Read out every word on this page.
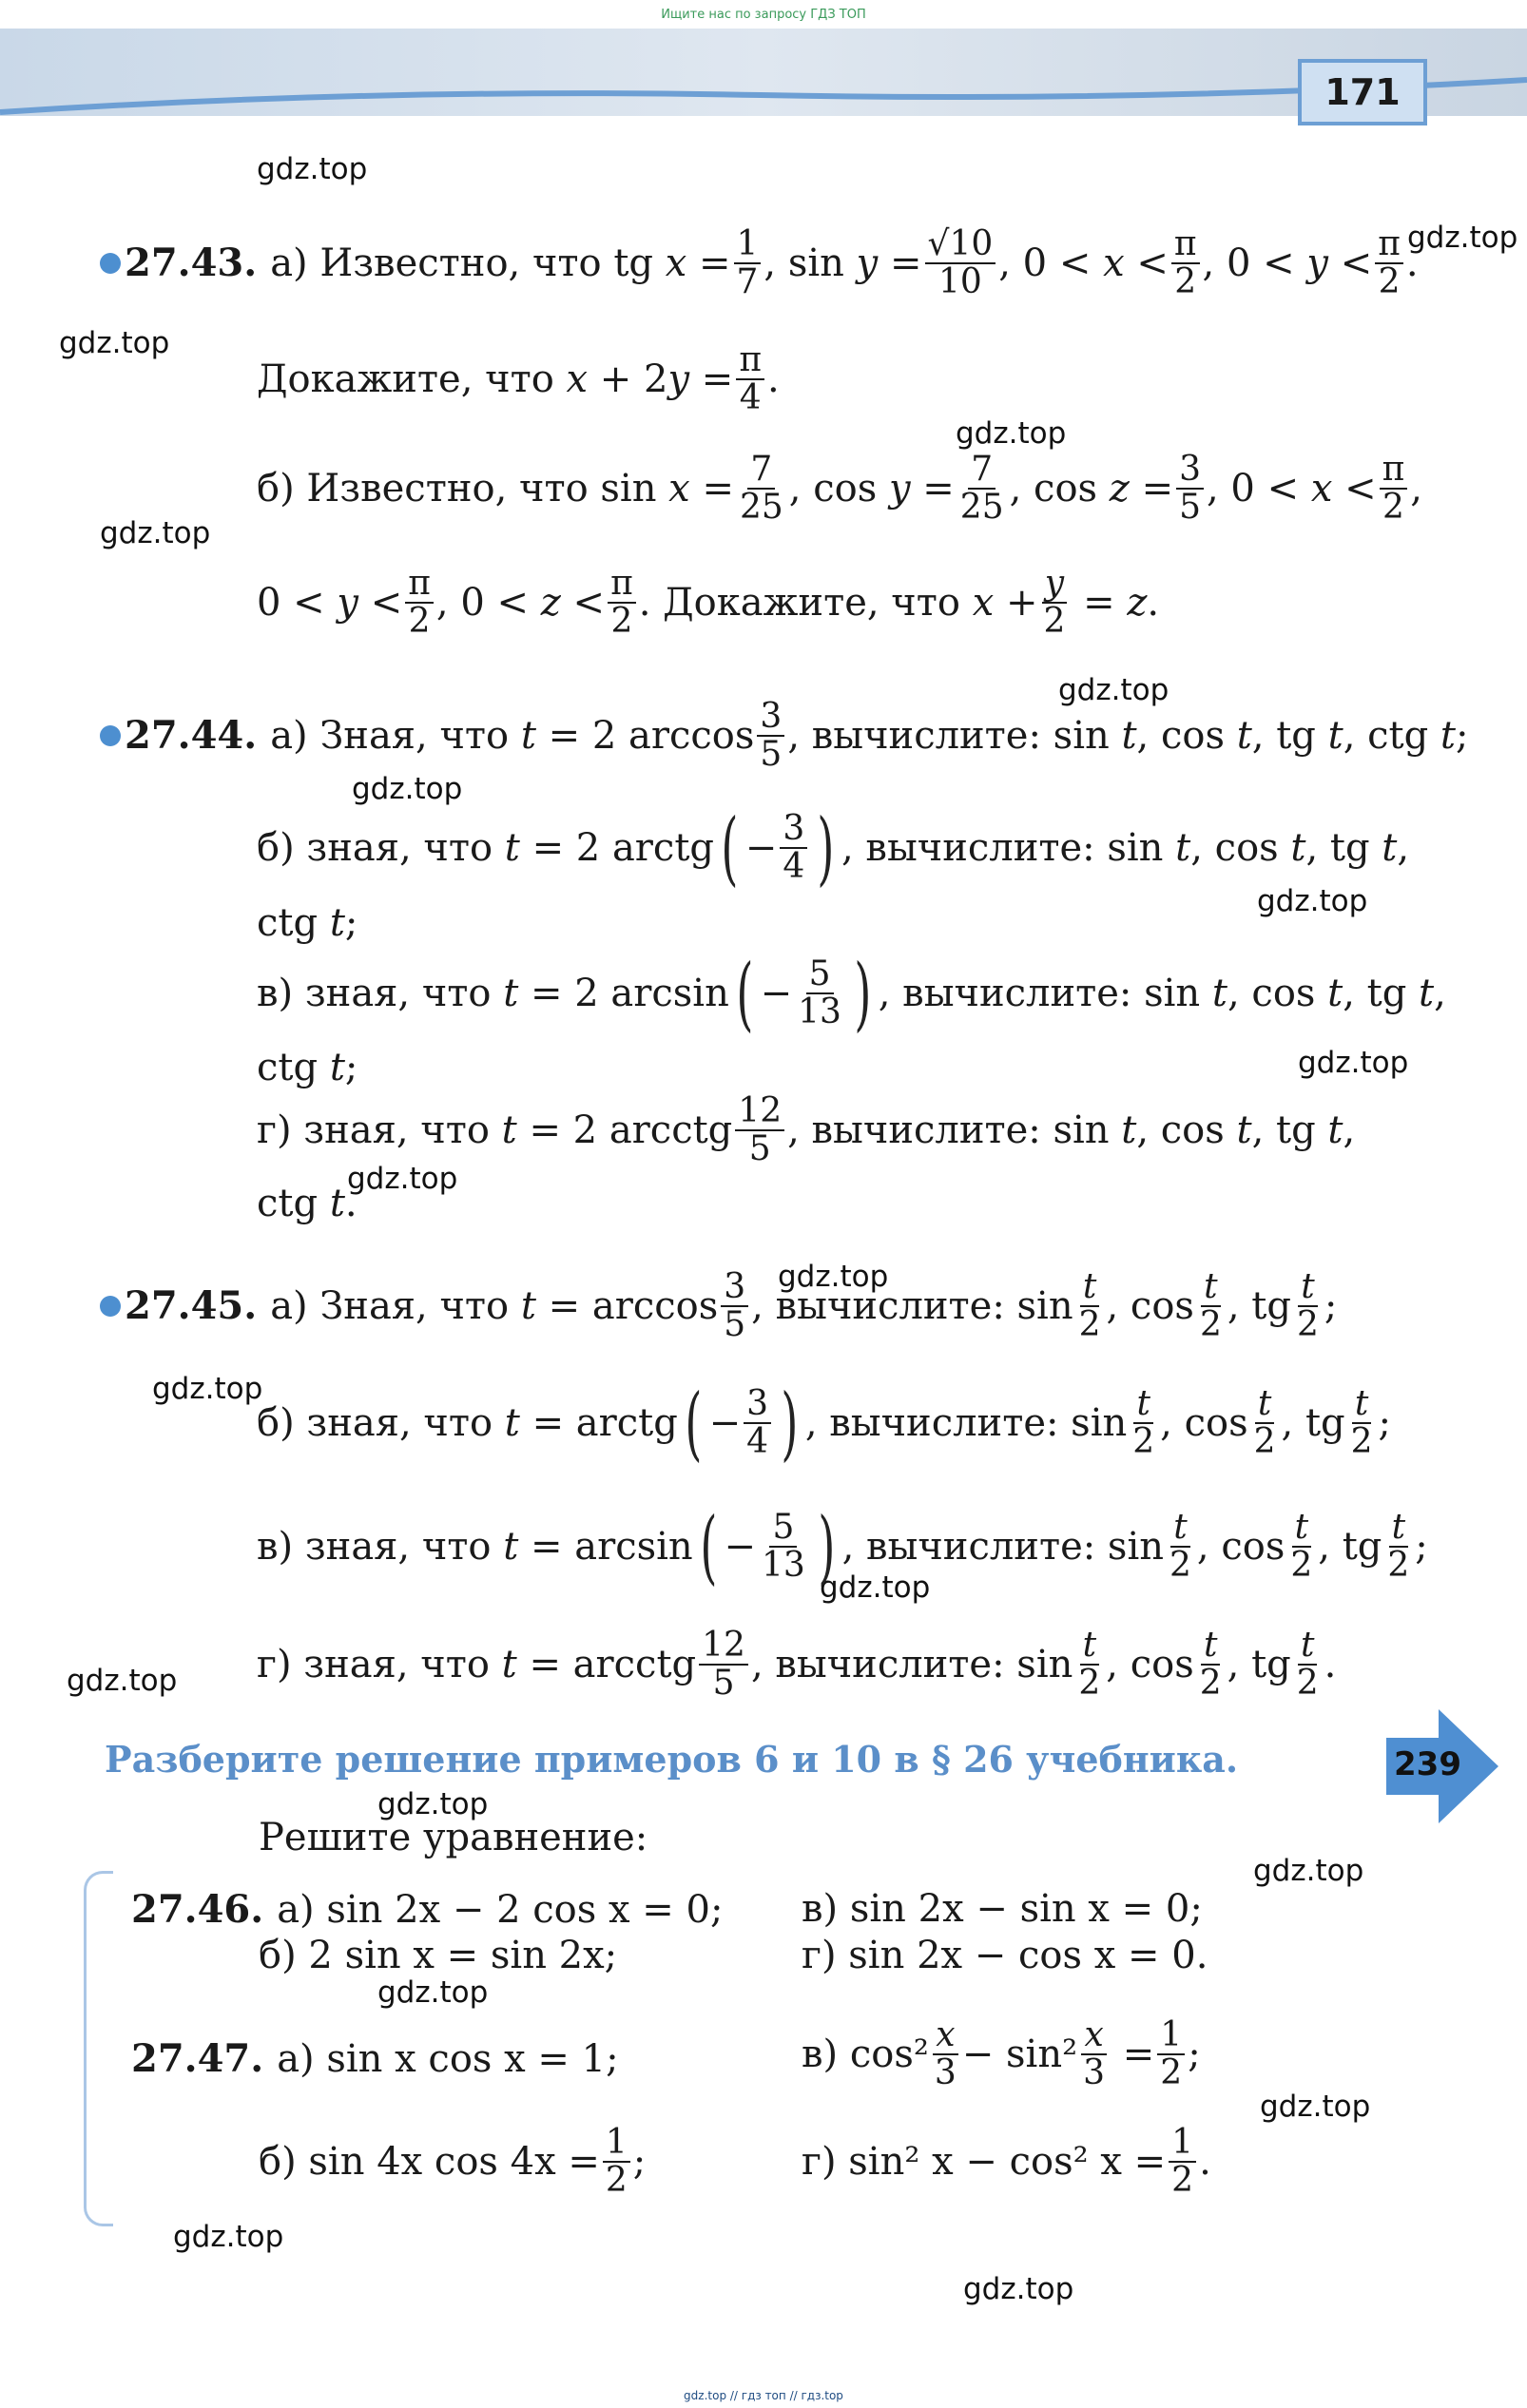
Ищите нас по запросу ГДЗ ТОП
171
gdz.top
gdz.top
gdz.top
gdz.top
gdz.top
gdz.top
gdz.top
gdz.top
gdz.top
gdz.top
gdz.top
gdz.top
gdz.top
gdz.top
gdz.top
gdz.top
gdz.top
gdz.top
gdz.top
gdz.top
27.43. а) Известно, что tg
x
= $\frac{1}{7}$ , sin
$y = \frac{√10}{10}$ , 0 <
x
< $\frac{\pi}{2}$ , 0 <
y
< $\frac{\pi}{2}$ .
Докажите, что
x
+ 2 $y = \frac{\pi}{4}$ .
б) Известно, что sin
$x = \frac{7}{25}$ , cos
$y = \frac{7}{25}$ , cos
$z = \frac{3}{5}$ , 0 <
x
< $\frac{\pi}{2}$ ,
0 <
y
< $\frac{\pi}{2}$ , 0 <
z
< $\frac{\pi}{2}$ . Докажите, что
$x + \frac{y}{2} = z$ .
27.44. а) Зная, что
t
= 2 $\arccos \frac{3}{5}$ , вычислите: sin
t , cos t , tg t , ctg t ;
б) зная, что
t
= 2 arctg ( − $\frac{3}{4}$ ) , вычислите: sin
t , cos t , tg t ,
ctg
t ;
в) зная, что
t
= 2 arcsin ( − $\frac{5}{13}$ ) , вычислите: sin
t , cos t , tg t ,
ctg
t ;
г) зная, что
t
= 2 arcctg $\frac{12}{5}$ , вычислите: sin
t , cos t , tg t ,
ctg
t .
27.45. а) Зная, что
t
= $\arccos \frac{3}{5}$ , вычислите: $\sin \frac{t}{2}$ , $\cos \frac{t}{2}$ , tg $\frac{t}{2}$ ;
б) зная, что
t
= arctg ( − $\frac{3}{4}$ ) , вычислите: $\sin \frac{t}{2}$ , $\cos \frac{t}{2}$ , tg $\frac{t}{2}$ ;
в) зная, что
t
= arcsin ( − $\frac{5}{13}$ ) , вычислите: $\sin \frac{t}{2}$ , $\cos \frac{t}{2}$ , tg $\frac{t}{2}$ ;
г) зная, что
t
= arcctg $\frac{12}{5}$ , вычислите: $\sin \frac{t}{2}$ , $\cos \frac{t}{2}$ , tg $\frac{t}{2}$ .
Разберите решение примеров 6 и 10 в § 26 учебника.	239
Решите уравнение:
27.46. а) sin 2x − 2 cos x = 0; в) sin 2x − sin x = 0;
б) 2 sin x = sin 2x;	г) sin 2x − cos x = 0.
27.47. а) sin x cos x = 1;	в) $\cos^2 \frac{x}{3} - \sin^2 \frac{x}{3} = \frac{1}{2}$ ;
б) sin 4x $\cos 4x = \frac{1}{2}$ ;	г) sin² x − cos² $x = \frac{1}{2}$ .
gdz.top // гдз топ // гдз.top
